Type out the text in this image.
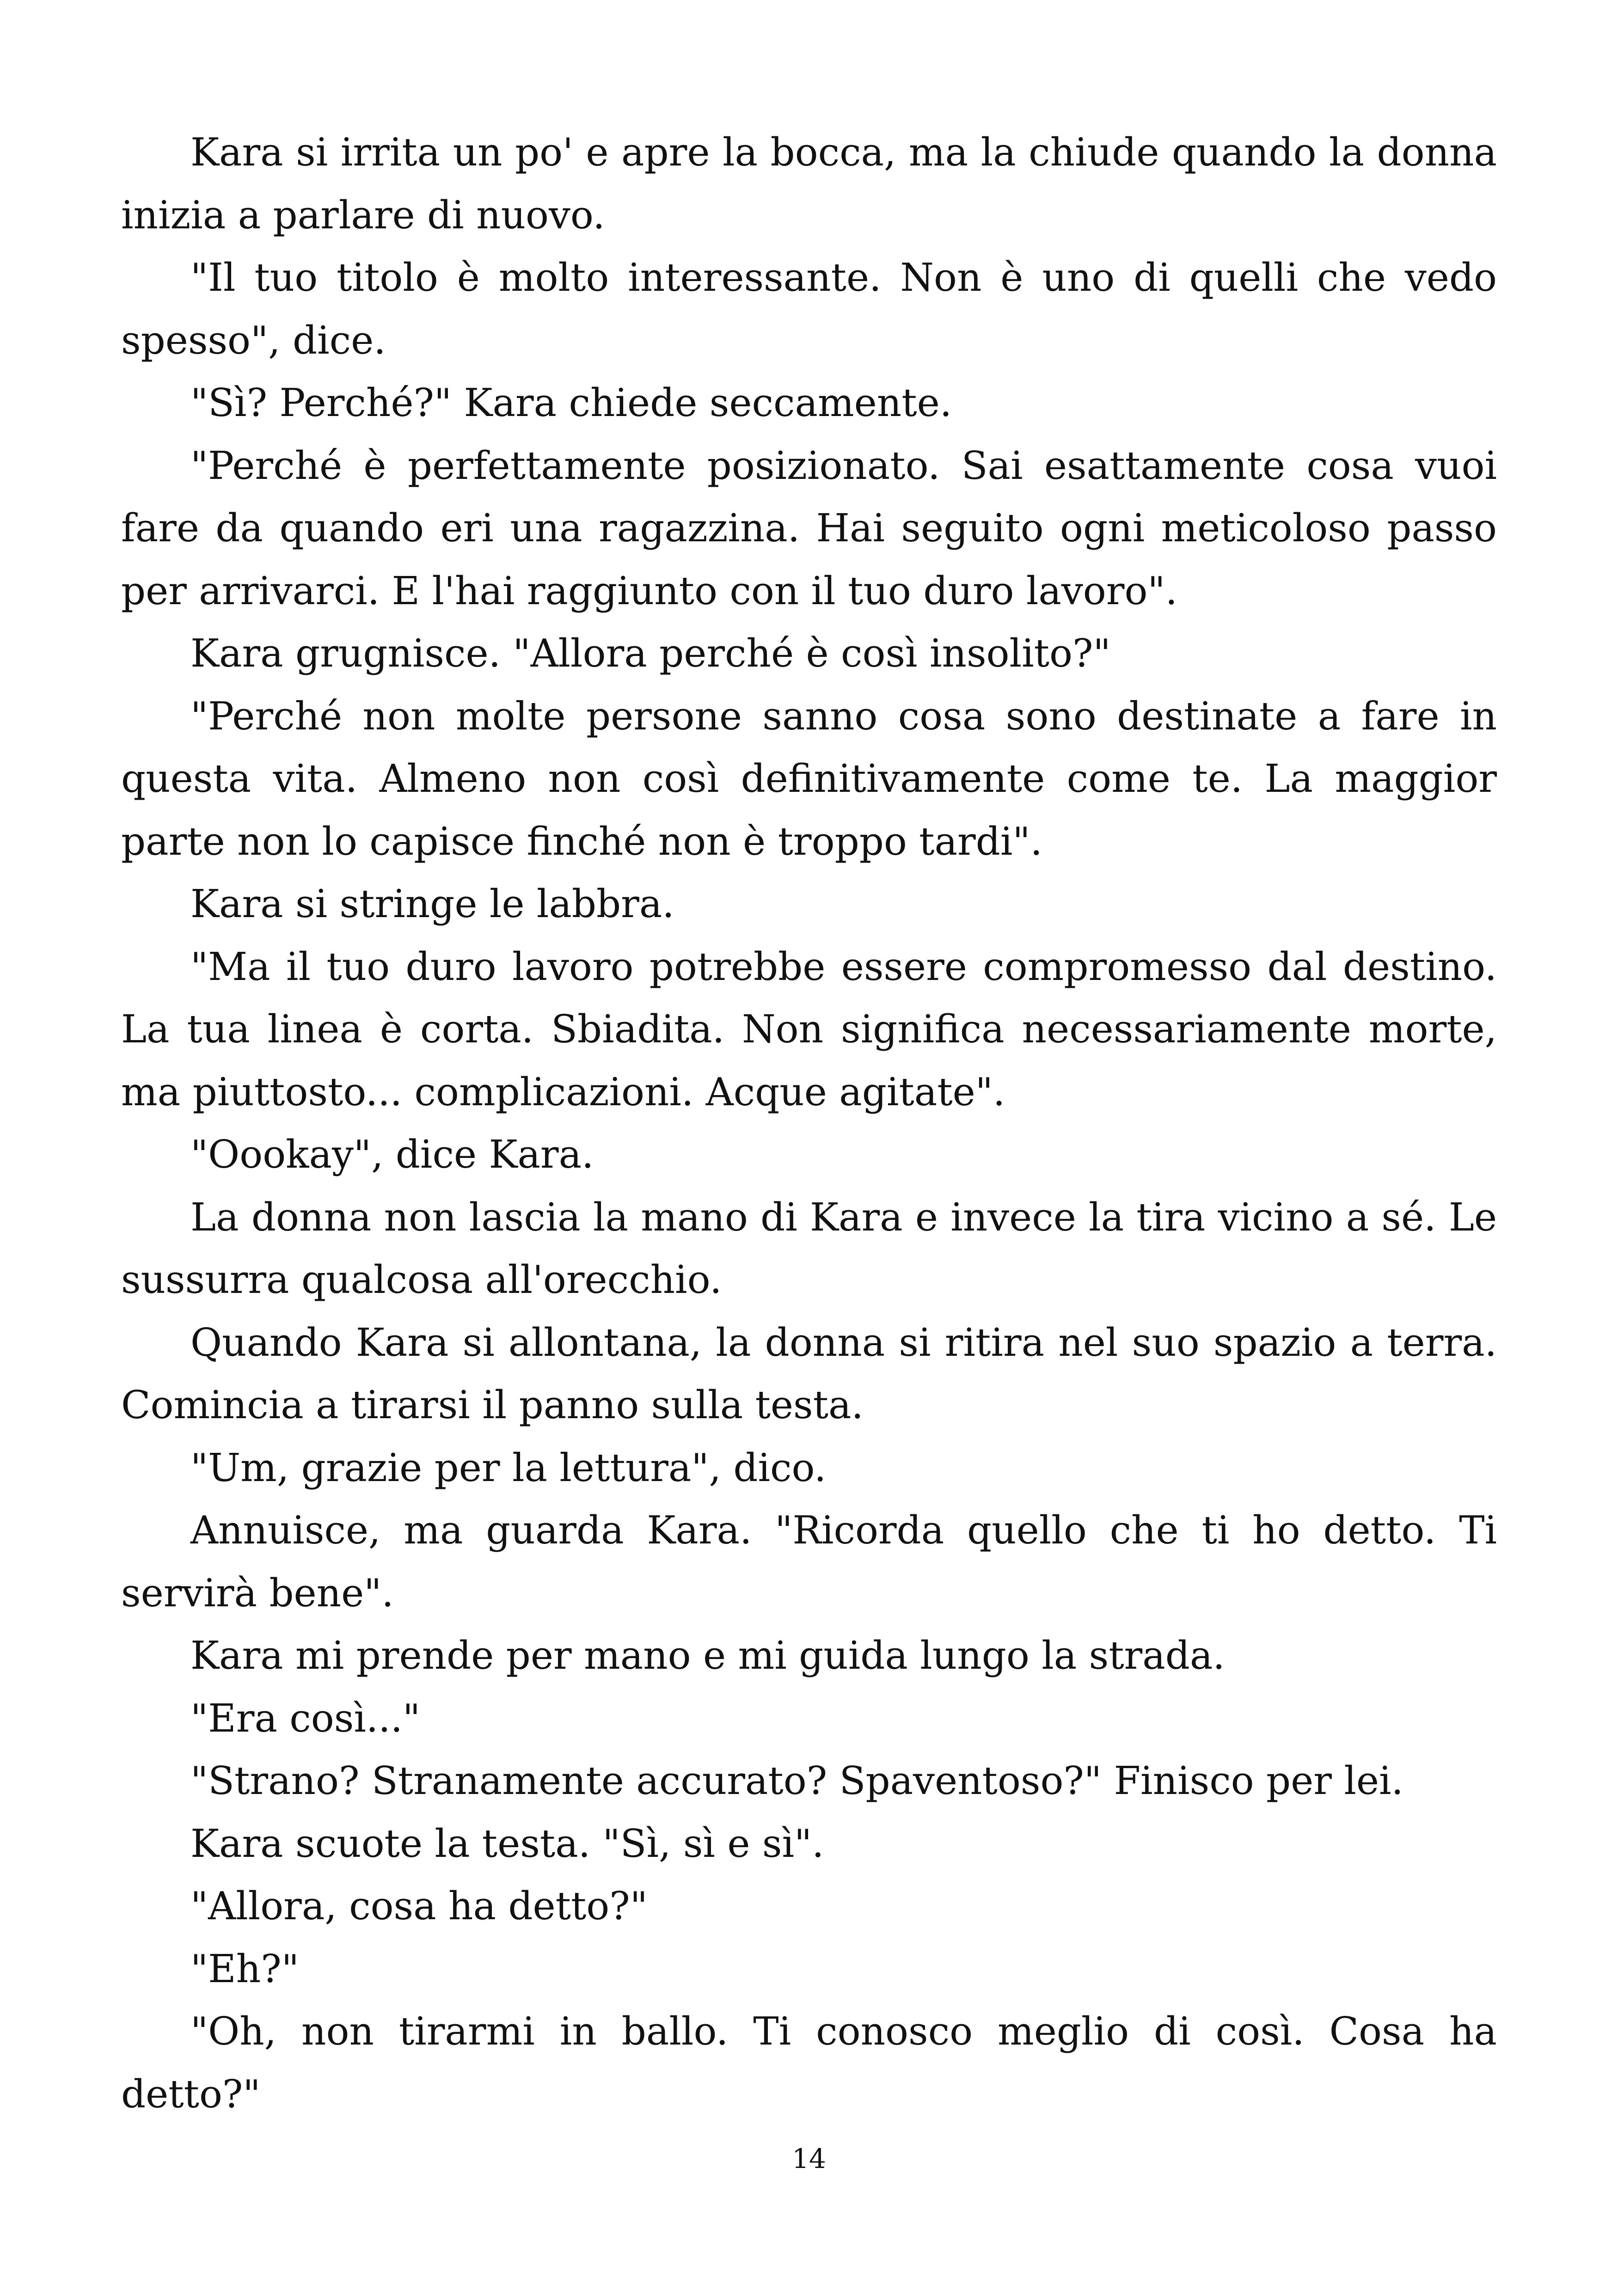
Kara si irrita un po' e apre la bocca, ma la chiude quando la donna inizia a parlare di nuovo.

"Il tuo titolo è molto interessante. Non è uno di quelli che vedo spesso", dice.

"Sì? Perché?" Kara chiede seccamente.

"Perché è perfettamente posizionato. Sai esattamente cosa vuoi fare da quando eri una ragazzina. Hai seguito ogni meticoloso passo per arrivarci. E l'hai raggiunto con il tuo duro lavoro".

Kara grugnisce. "Allora perché è così insolito?"

"Perché non molte persone sanno cosa sono destinate a fare in questa vita. Almeno non così definitivamente come te. La maggior parte non lo capisce finché non è troppo tardi".

Kara si stringe le labbra.

"Ma il tuo duro lavoro potrebbe essere compromesso dal destino. La tua linea è corta. Sbiadita. Non significa necessariamente morte, ma piuttosto... complicazioni. Acque agitate".

"Oookay", dice Kara.

La donna non lascia la mano di Kara e invece la tira vicino a sé. Le sussurra qualcosa all'orecchio.

Quando Kara si allontana, la donna si ritira nel suo spazio a terra. Comincia a tirarsi il panno sulla testa.

"Um, grazie per la lettura", dico.

Annuisce, ma guarda Kara. "Ricorda quello che ti ho detto. Ti servirà bene".

Kara mi prende per mano e mi guida lungo la strada.

"Era così..."

"Strano? Stranamente accurato? Spaventoso?" Finisco per lei.

Kara scuote la testa. "Sì, sì e sì".

"Allora, cosa ha detto?"

"Eh?"

"Oh, non tirarmi in ballo. Ti conosco meglio di così. Cosa ha detto?"

14
